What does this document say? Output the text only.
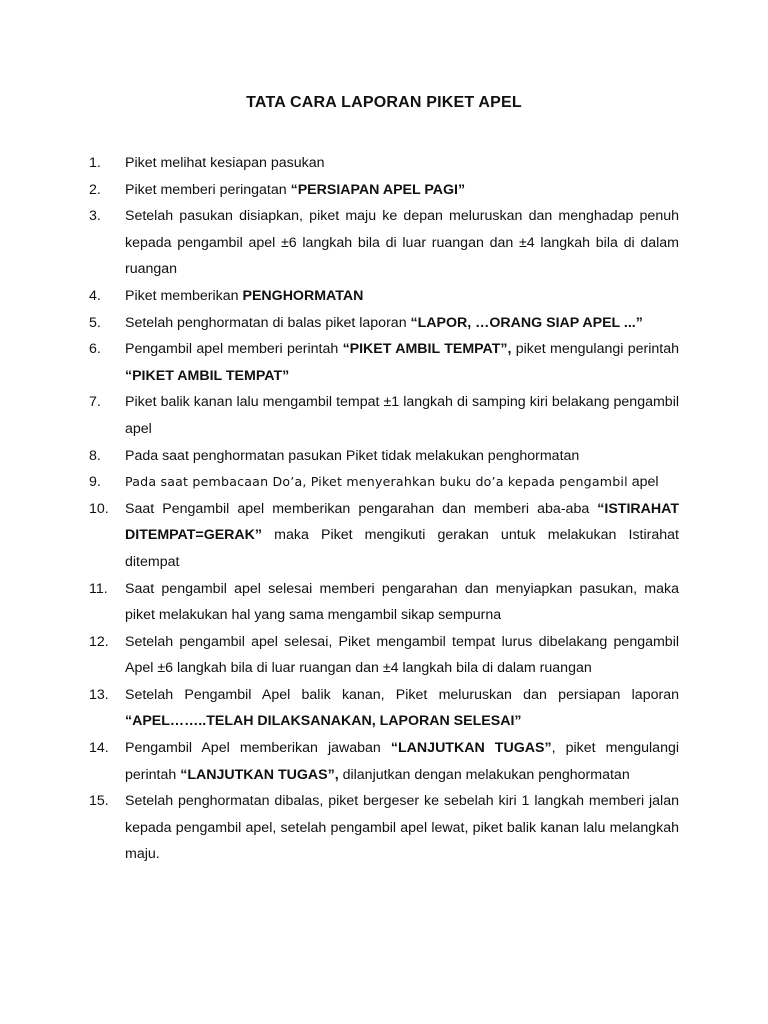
TATA CARA LAPORAN PIKET APEL
1. Piket melihat kesiapan pasukan
2. Piket memberi peringatan “PERSIAPAN APEL PAGI”
3. Setelah pasukan disiapkan, piket maju ke depan meluruskan dan menghadap penuh kepada pengambil apel ±6 langkah bila di luar ruangan dan ±4 langkah bila di dalam ruangan
4. Piket memberikan PENGHORMATAN
5. Setelah penghormatan di balas piket laporan “LAPOR, …ORANG SIAP APEL ...”
6. Pengambil apel memberi perintah “PIKET AMBIL TEMPAT”, piket mengulangi perintah “PIKET AMBIL TEMPAT”
7. Piket balik kanan lalu mengambil tempat ±1 langkah di samping kiri belakang pengambil apel
8. Pada saat penghormatan pasukan Piket tidak melakukan penghormatan
9. Pada saat pembacaan Do’a, Piket menyerahkan buku do’a kepada pengambil apel
10. Saat Pengambil apel memberikan pengarahan dan memberi aba-aba “ISTIRAHAT DITEMPAT=GERAK” maka Piket mengikuti gerakan untuk melakukan Istirahat ditempat
11. Saat pengambil apel selesai memberi pengarahan dan menyiapkan pasukan, maka piket melakukan hal yang sama mengambil sikap sempurna
12. Setelah pengambil apel selesai, Piket mengambil tempat lurus dibelakang pengambil Apel ±6 langkah bila di luar ruangan dan ±4 langkah bila di dalam ruangan
13. Setelah Pengambil Apel balik kanan, Piket meluruskan dan persiapan laporan “APEL……..TELAH DILAKSANAKAN, LAPORAN SELESAI”
14. Pengambil Apel memberikan jawaban “LANJUTKAN TUGAS”, piket mengulangi perintah “LANJUTKAN TUGAS”, dilanjutkan dengan melakukan penghormatan
15. Setelah penghormatan dibalas, piket bergeser ke sebelah kiri 1 langkah memberi jalan kepada pengambil apel, setelah pengambil apel lewat, piket balik kanan lalu melangkah maju.
